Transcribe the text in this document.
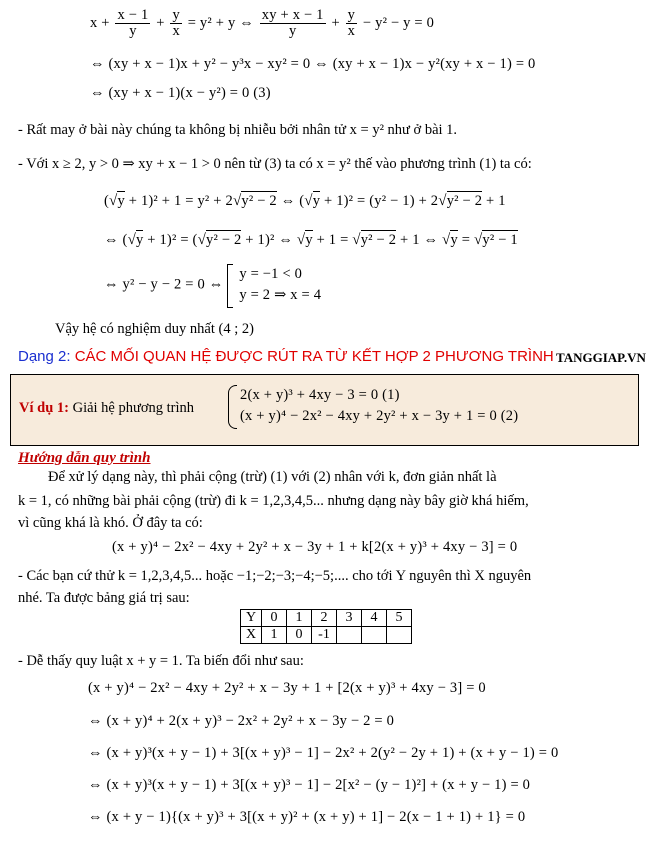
$x + \frac{x - 1}{y} + \frac{y}{x} = y^2 + y$ ⇔ $\frac{xy + x - 1}{y} + \frac{y}{x} - y^2 - y = 0$
⇔ (xy + x − 1)x + y² − y³x − xy² = 0 ⇔ (xy + x − 1)x − y²(xy + x − 1) = 0
⇔ (xy + x − 1)(x − y²) = 0 (3)
- Rất may ở bài này chúng ta không bị nhiễu bởi nhân tử x = y² như ở bài 1.
- Với x ≥ 2, y > 0 ⇒ xy + x − 1 > 0 nên từ (3) ta có x = y² thế vào phương trình (1) ta có:
(√y + 1)² + 1 = y² + 2√y² − 2 ⇔ (√y + 1)² = (y² − 1) + 2√y² − 2 + 1
⇔ (√y + 1)² = (√y² − 2 + 1)² ⇔ √y + 1 = √y² − 2 + 1 ⇔ √y = √y² − 1
⇔ y² − y − 2 = 0 ⇔
y = −1 < 0
y = 2 ⇒ x = 4
Vậy hệ có nghiệm duy nhất (4 ; 2)
Dạng 2: CÁC MỐI QUAN HỆ ĐƯỢC RÚT RA TỪ KẾT HỢP 2 PHƯƠNG TRÌNH TANGGIAP.VN
Ví dụ 1: Giải hệ phương trình
2(x + y)³ + 4xy − 3 = 0 (1)
(x + y)⁴ − 2x² − 4xy + 2y² + x − 3y + 1 = 0 (2)
Hướng dẫn quy trình
Để xử lý dạng này, thì phải cộng (trừ) (1) với (2) nhân với k, đơn giản nhất là
k = 1, có những bài phải cộng (trừ) đi k = 1,2,3,4,5... nhưng dạng này bây giờ khá hiếm,
vì cũng khá là khó. Ở đây ta có:
(x + y)⁴ − 2x² − 4xy + 2y² + x − 3y + 1 + k[2(x + y)³ + 4xy − 3] = 0
- Các bạn cứ thử k = 1,2,3,4,5... hoặc −1;−2;−3;−4;−5;.... cho tới Y nguyên thì X nguyên
nhé. Ta được bảng giá trị sau:
Y	0	1	2	3	4	5
X	1	0	-1			
- Dễ thấy quy luật x + y = 1. Ta biến đổi như sau:
(x + y)⁴ − 2x² − 4xy + 2y² + x − 3y + 1 + [2(x + y)³ + 4xy − 3] = 0
⇔ (x + y)⁴ + 2(x + y)³ − 2x² + 2y² + x − 3y − 2 = 0
⇔ (x + y)³(x + y − 1) + 3[(x + y)³ − 1] − 2x² + 2(y² − 2y + 1) + (x + y − 1) = 0
⇔ (x + y)³(x + y − 1) + 3[(x + y)³ − 1] − 2[x² − (y − 1)²] + (x + y − 1) = 0
⇔ (x + y − 1){(x + y)³ + 3[(x + y)² + (x + y) + 1] − 2(x − 1 + 1) + 1} = 0
